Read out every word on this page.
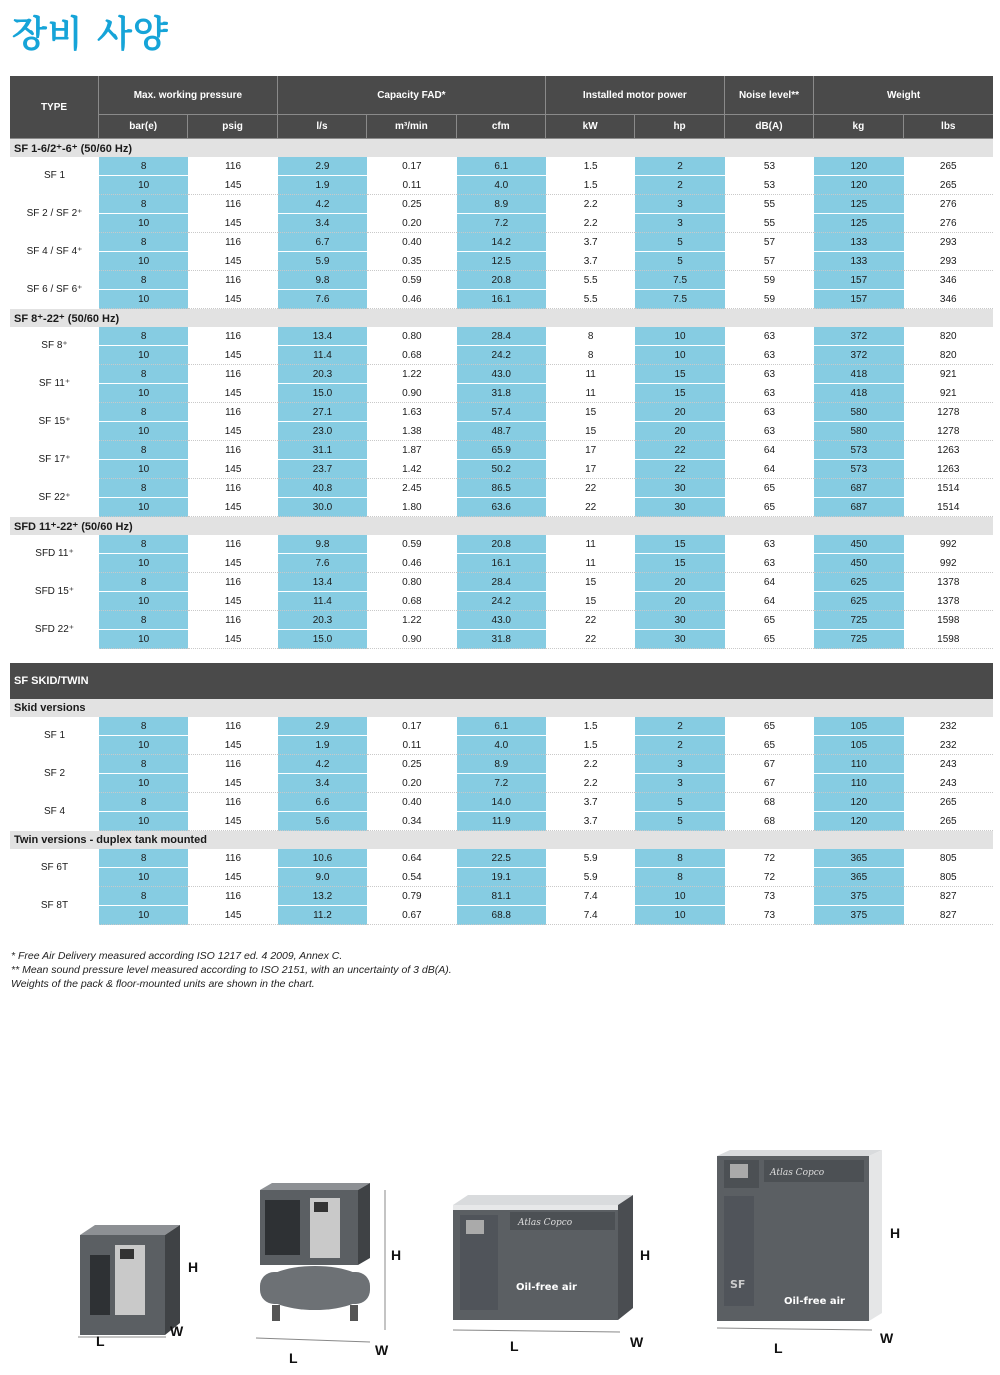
장비 사양
TYPE	Max. working pressure		Capacity FAD*			Installed motor power		Noise level**	Weight	
	bar(e)	psig	l/s	m³/min	cfm	kW	hp	dB(A)	kg	lbs
SF 1-6/2⁺-6⁺ (50/60 Hz)										
SF 1	8	116	2.9	0.17	6.1	1.5	2	53	120	265
	10	145	1.9	0.11	4.0	1.5	2	53	120	265
SF 2 / SF 2⁺	8	116	4.2	0.25	8.9	2.2	3	55	125	276
	10	145	3.4	0.20	7.2	2.2	3	55	125	276
SF 4 / SF 4⁺	8	116	6.7	0.40	14.2	3.7	5	57	133	293
	10	145	5.9	0.35	12.5	3.7	5	57	133	293
SF 6 / SF 6⁺	8	116	9.8	0.59	20.8	5.5	7.5	59	157	346
	10	145	7.6	0.46	16.1	5.5	7.5	59	157	346
SF 8⁺-22⁺ (50/60 Hz)										
SF 8⁺	8	116	13.4	0.80	28.4	8	10	63	372	820
	10	145	11.4	0.68	24.2	8	10	63	372	820
SF 11⁺	8	116	20.3	1.22	43.0	11	15	63	418	921
	10	145	15.0	0.90	31.8	11	15	63	418	921
SF 15⁺	8	116	27.1	1.63	57.4	15	20	63	580	1278
	10	145	23.0	1.38	48.7	15	20	63	580	1278
SF 17⁺	8	116	31.1	1.87	65.9	17	22	64	573	1263
	10	145	23.7	1.42	50.2	17	22	64	573	1263
SF 22⁺	8	116	40.8	2.45	86.5	22	30	65	687	1514
	10	145	30.0	1.80	63.6	22	30	65	687	1514
SFD 11⁺-22⁺ (50/60 Hz)										
SFD 11⁺	8	116	9.8	0.59	20.8	11	15	63	450	992
	10	145	7.6	0.46	16.1	11	15	63	450	992
SFD 15⁺	8	116	13.4	0.80	28.4	15	20	64	625	1378
	10	145	11.4	0.68	24.2	15	20	64	625	1378
SFD 22⁺	8	116	20.3	1.22	43.0	22	30	65	725	1598
	10	145	15.0	0.90	31.8	22	30	65	725	1598

SF SKID/TWIN										
Skid versions										
SF 1	8	116	2.9	0.17	6.1	1.5	2	65	105	232
	10	145	1.9	0.11	4.0	1.5	2	65	105	232
SF 2	8	116	4.2	0.25	8.9	2.2	3	67	110	243
	10	145	3.4	0.20	7.2	2.2	3	67	110	243
SF 4	8	116	6.6	0.40	14.0	3.7	5	68	120	265
	10	145	5.6	0.34	11.9	3.7	5	68	120	265
Twin versions - duplex tank mounted										
SF 6T	8	116	10.6	0.64	22.5	5.9	8	72	365	805
	10	145	9.0	0.54	19.1	5.9	8	72	365	805
SF 8T	8	116	13.2	0.79	81.1	7.4	10	73	375	827
	10	145	11.2	0.67	68.8	7.4	10	73	375	827
* Free Air Delivery measured according ISO 1217 ed. 4 2009, Annex C.
** Mean sound pressure level measured according to ISO 2151, with an uncertainty of 3 dB(A).
Weights of the pack & floor-mounted units are shown in the chart.
H
L
W
H
L	W
Atlas Copco
Oil-free air
H
L	W
Atlas Copco
SF
Oil-free air
H
L
W
